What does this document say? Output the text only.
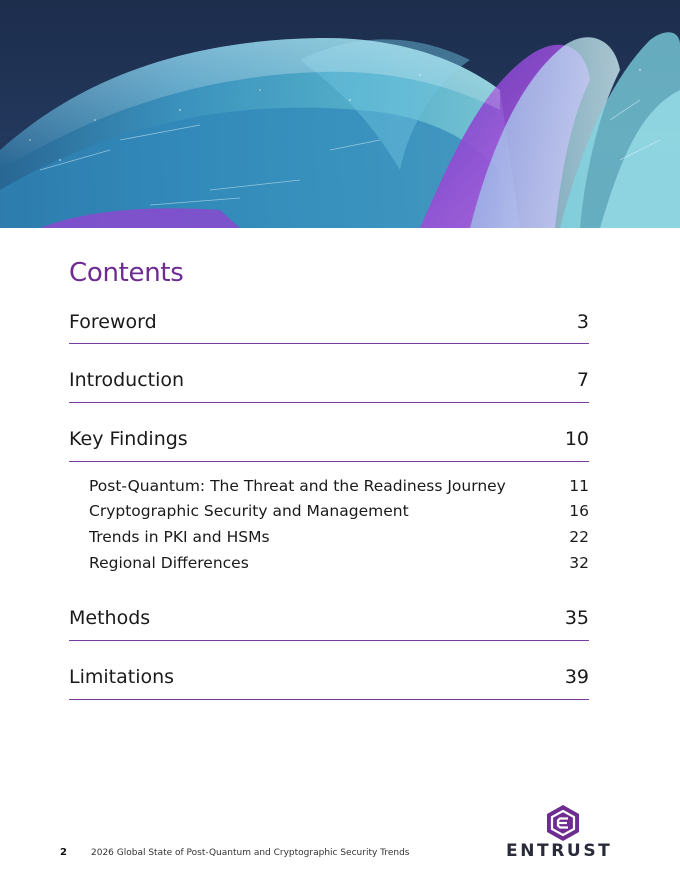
Contents
Foreword	3
Introduction	7
Key Findings	10
Post-Quantum: The Threat and the Readiness Journey	11
Cryptographic Security and Management	16
Trends in PKI and HSMs	22
Regional Differences	32
Methods	35
Limitations	39
2	2026 Global State of Post-Quantum and Cryptographic Security Trends	ENTRUST
